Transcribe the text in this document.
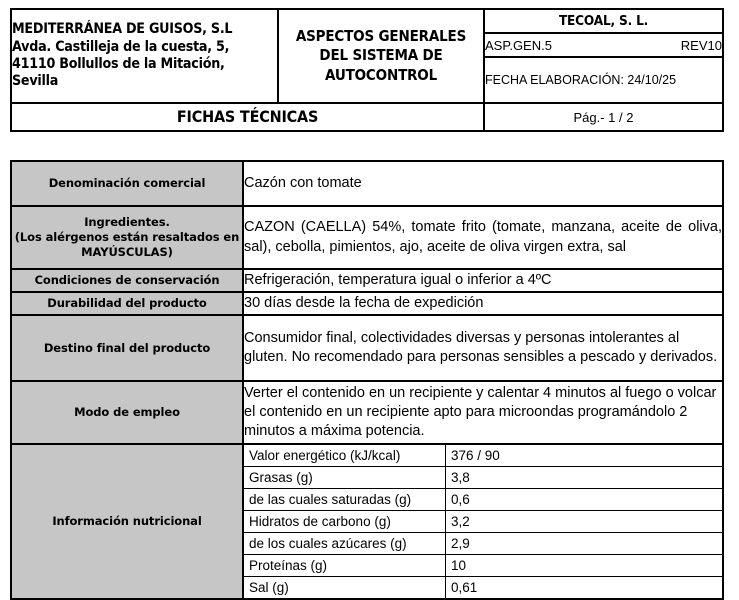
MEDITERRÁNEA DE GUISOS, S.L
Avda. Castilleja de la cuesta, 5,
41110 Bollullos de la Mitación,
Sevilla

ASPECTOS GENERALES
DEL SISTEMA DE
AUTOCONTROL
	TECOAL, S. L.

		ASP.GEN.5 REV10

		FECHA ELABORACIÓN: 24/10/25
FICHAS TÉCNICAS		Pág.- 1 / 2
Denominación comercial	Cazón con tomate

Ingredientes.
(Los alérgenos están resaltados en MAYÚSCULAS)
	CAZON (CAELLA) 54%, tomate frito (tomate, manzana, aceite de oliva, sal), cebolla, pimientos, ajo, aceite de oliva virgen extra, sal
Condiciones de conservación	Refrigeración, temperatura igual o inferior a 4ºC
Durabilidad del producto	30 días desde la fecha de expedición
Destino final del producto	Consumidor final, colectividades diversas y personas intolerantes al gluten. No recomendado para personas sensibles a pescado y derivados.
Modo de empleo	Verter el contenido en un recipiente y calentar 4 minutos al fuego o volcar el contenido en un recipiente apto para microondas programándolo 2 minutos a máxima potencia.
Información nutricional	
Valor energético (kJ/kcal)	376 / 90
Grasas (g)	3,8
de las cuales saturadas (g)	0,6
Hidratos de carbono (g)	3,2
de los cuales azúcares (g)	2,9
Proteínas (g)	10
Sal (g)	0,61
